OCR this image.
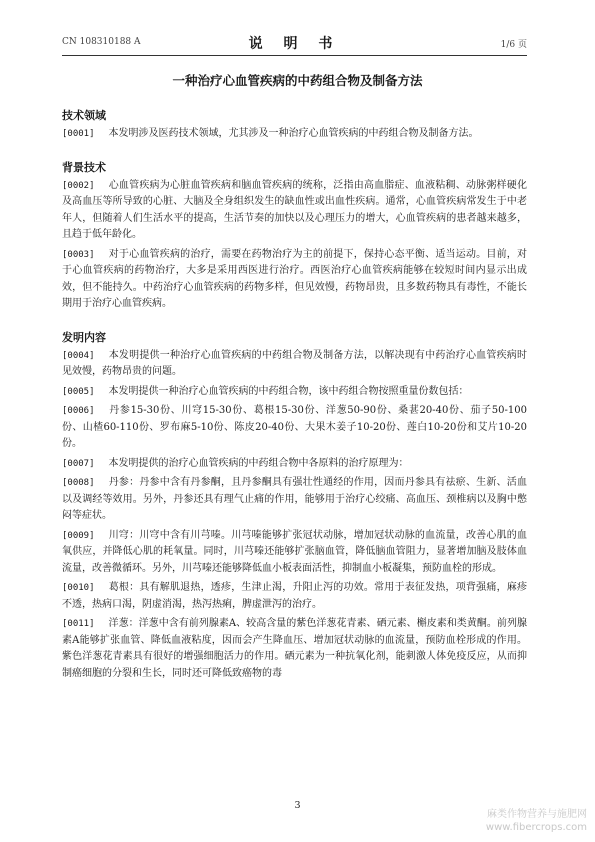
CN 108310188 A	说 明 书	1/6 页
一种治疗心血管疾病的中药组合物及制备方法
技术领域

[0001] 本发明涉及医药技术领域，尤其涉及一种治疗心血管疾病的中药组合物及制备方法。

背景技术

[0002] 心血管疾病为心脏血管疾病和脑血管疾病的统称，泛指由高血脂症、血液粘稠、动脉粥样硬化及高血压等所导致的心脏、大脑及全身组织发生的缺血性或出血性疾病。通常，心血管疾病常发生于中老年人，但随着人们生活水平的提高，生活节奏的加快以及心理压力的增大，心血管疾病的患者越来越多，且趋于低年龄化。

[0003] 对于心血管疾病的治疗，需要在药物治疗为主的前提下，保持心态平衡、适当运动。目前，对于心血管疾病的药物治疗，大多是采用西医进行治疗。西医治疗心血管疾病能够在较短时间内显示出成效，但不能持久。中药治疗心血管疾病的药物多样，但见效慢，药物昂贵，且多数药物具有毒性，不能长期用于治疗心血管疾病。

发明内容

[0004] 本发明提供一种治疗心血管疾病的中药组合物及制备方法，以解决现有中药治疗心血管疾病时见效慢，药物昂贵的问题。

[0005] 本发明提供一种治疗心血管疾病的中药组合物，该中药组合物按照重量份数包括：

[0006] 丹参15-30份、川穹15-30份、葛根15-30份、洋葱50-90份、桑葚20-40份、茄子50-100份、山楂60-110份、罗布麻5-10份、陈皮20-40份、大果木姜子10-20份、莲白10-20份和艾片10-20份。

[0007] 本发明提供的治疗心血管疾病的中药组合物中各原料的治疗原理为：

[0008] 丹参：丹参中含有丹参酮，且丹参酮具有强壮性通经的作用，因而丹参具有祛瘀、生新、活血以及调经等效用。另外，丹参还具有理气止痛的作用，能够用于治疗心绞痛、高血压、颈椎病以及胸中憋闷等症状。

[0009] 川穹：川穹中含有川芎嗪。川芎嗪能够扩张冠状动脉，增加冠状动脉的血流量，改善心肌的血氧供应，并降低心肌的耗氧量。同时，川芎嗪还能够扩张脑血管，降低脑血管阻力，显著增加脑及肢体血流量，改善微循环。另外，川芎嗪还能够降低血小板表面活性，抑制血小板凝集，预防血栓的形成。

[0010] 葛根：具有解肌退热，透疹，生津止渴，升阳止泻的功效。常用于表征发热，项背强痛，麻疹不透，热病口渴，阴虚消渴，热泻热痢，脾虚泄泻的治疗。

[0011] 洋葱：洋葱中含有前列腺素A、较高含量的紫色洋葱花青素、硒元素、槲皮素和类黄酮。前列腺素A能够扩张血管、降低血液粘度，因而会产生降血压、增加冠状动脉的血流量，预防血栓形成的作用。紫色洋葱花青素具有很好的增强细胞活力的作用。硒元素为一种抗氧化剂，能刺激人体免疫反应，从而抑制癌细胞的分裂和生长，同时还可降低致癌物的毒

3
麻类作物营养与施肥网
www.fibercrops.com
